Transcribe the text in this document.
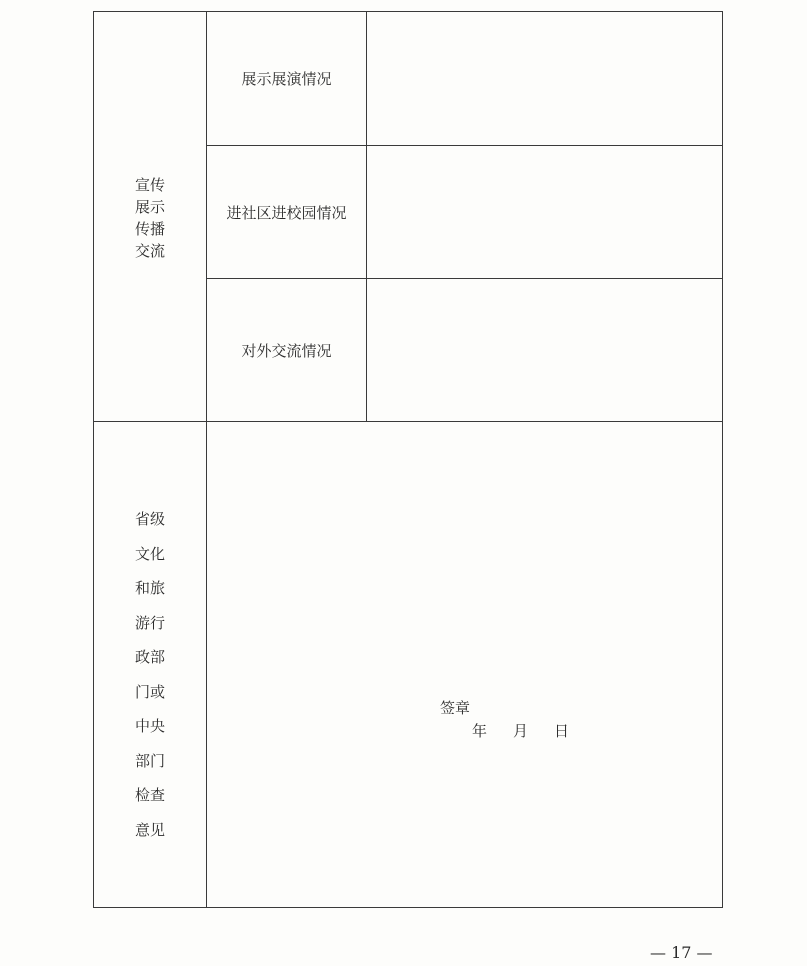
宣传
展示
传播
交流
展示展演情况
进社区进校园情况
对外交流情况
省级
文化
和旅
游行
政部
门或
中央
部门
检查
意见
签章
年 月 日
— 17 —
